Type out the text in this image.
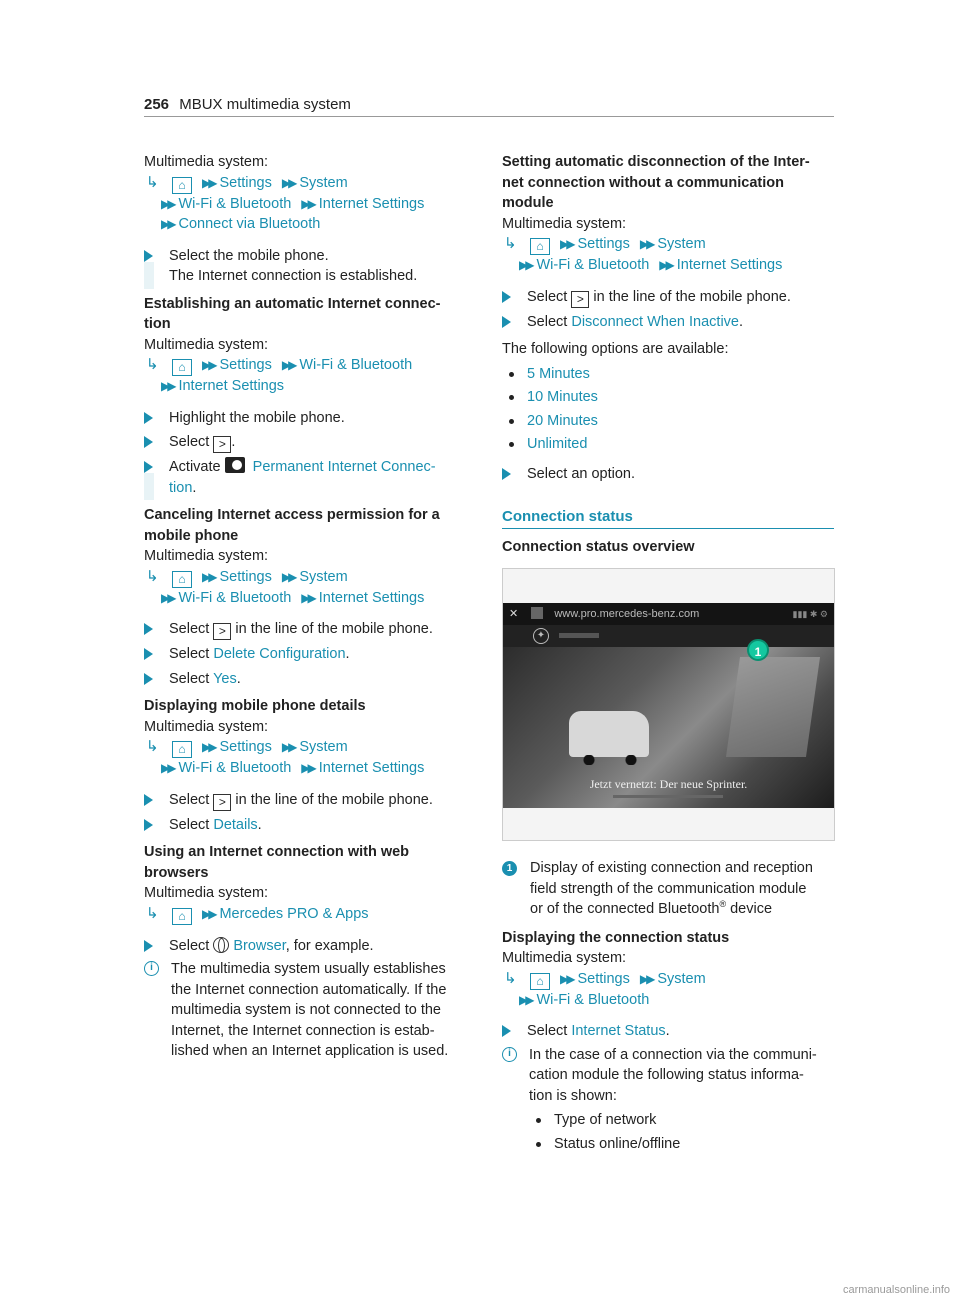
256 MBUX multimedia system
Multimedia system:
↳ ⌂ ▶▶ Settings ▶▶ System
▶▶ Wi-Fi & Bluetooth ▶▶ Internet Settings
▶▶ Connect via Bluetooth
Select the mobile phone.
The Internet connection is established.
Establishing an automatic Internet connec-
tion
Multimedia system:
↳ ⌂ ▶▶ Settings ▶▶ Wi-Fi & Bluetooth
▶▶ Internet Settings
Highlight the mobile phone.
Select > .
Activate Permanent Internet Connec-
tion.
Canceling Internet access permission for a
mobile phone
Multimedia system:
↳ ⌂ ▶▶ Settings ▶▶ System
▶▶ Wi-Fi & Bluetooth ▶▶ Internet Settings
Select > in the line of the mobile phone.
Select Delete Configuration.
Select Yes.
Displaying mobile phone details
Multimedia system:
↳ ⌂ ▶▶ Settings ▶▶ System
▶▶ Wi-Fi & Bluetooth ▶▶ Internet Settings
Select > in the line of the mobile phone.
Select Details.
Using an Internet connection with web
browsers
Multimedia system:
↳ ⌂ ▶▶ Mercedes PRO & Apps
Select Browser, for example.
i	The multimedia system usually establishes
the Internet connection automatically. If the
multimedia system is not connected to the
Internet, the Internet connection is estab-
lished when an Internet application is used.
Setting automatic disconnection of the Inter-
net connection without a communication
module
Multimedia system:
↳ ⌂ ▶▶ Settings ▶▶ System
▶▶ Wi-Fi & Bluetooth ▶▶ Internet Settings
Select > in the line of the mobile phone.
Select Disconnect When Inactive.
The following options are available:
5 Minutes
10 Minutes
20 Minutes
Unlimited
Select an option.
Connection status
Connection status overview
✕	www.pro.mercedes-benz.com	▮▮▮ ✱ ⚙
✦
Jetzt vernetzt: Der neue Sprinter.
1
1	Display of existing connection and reception
field strength of the communication module
or of the connected Bluetooth® device
Displaying the connection status
Multimedia system:
↳ ⌂ ▶▶ Settings ▶▶ System
▶▶ Wi-Fi & Bluetooth
Select Internet Status.
i	In the case of a connection via the communi-
cation module the following status informa-
tion is shown:
Type of network
Status online/offline
carmanualsonline.info
